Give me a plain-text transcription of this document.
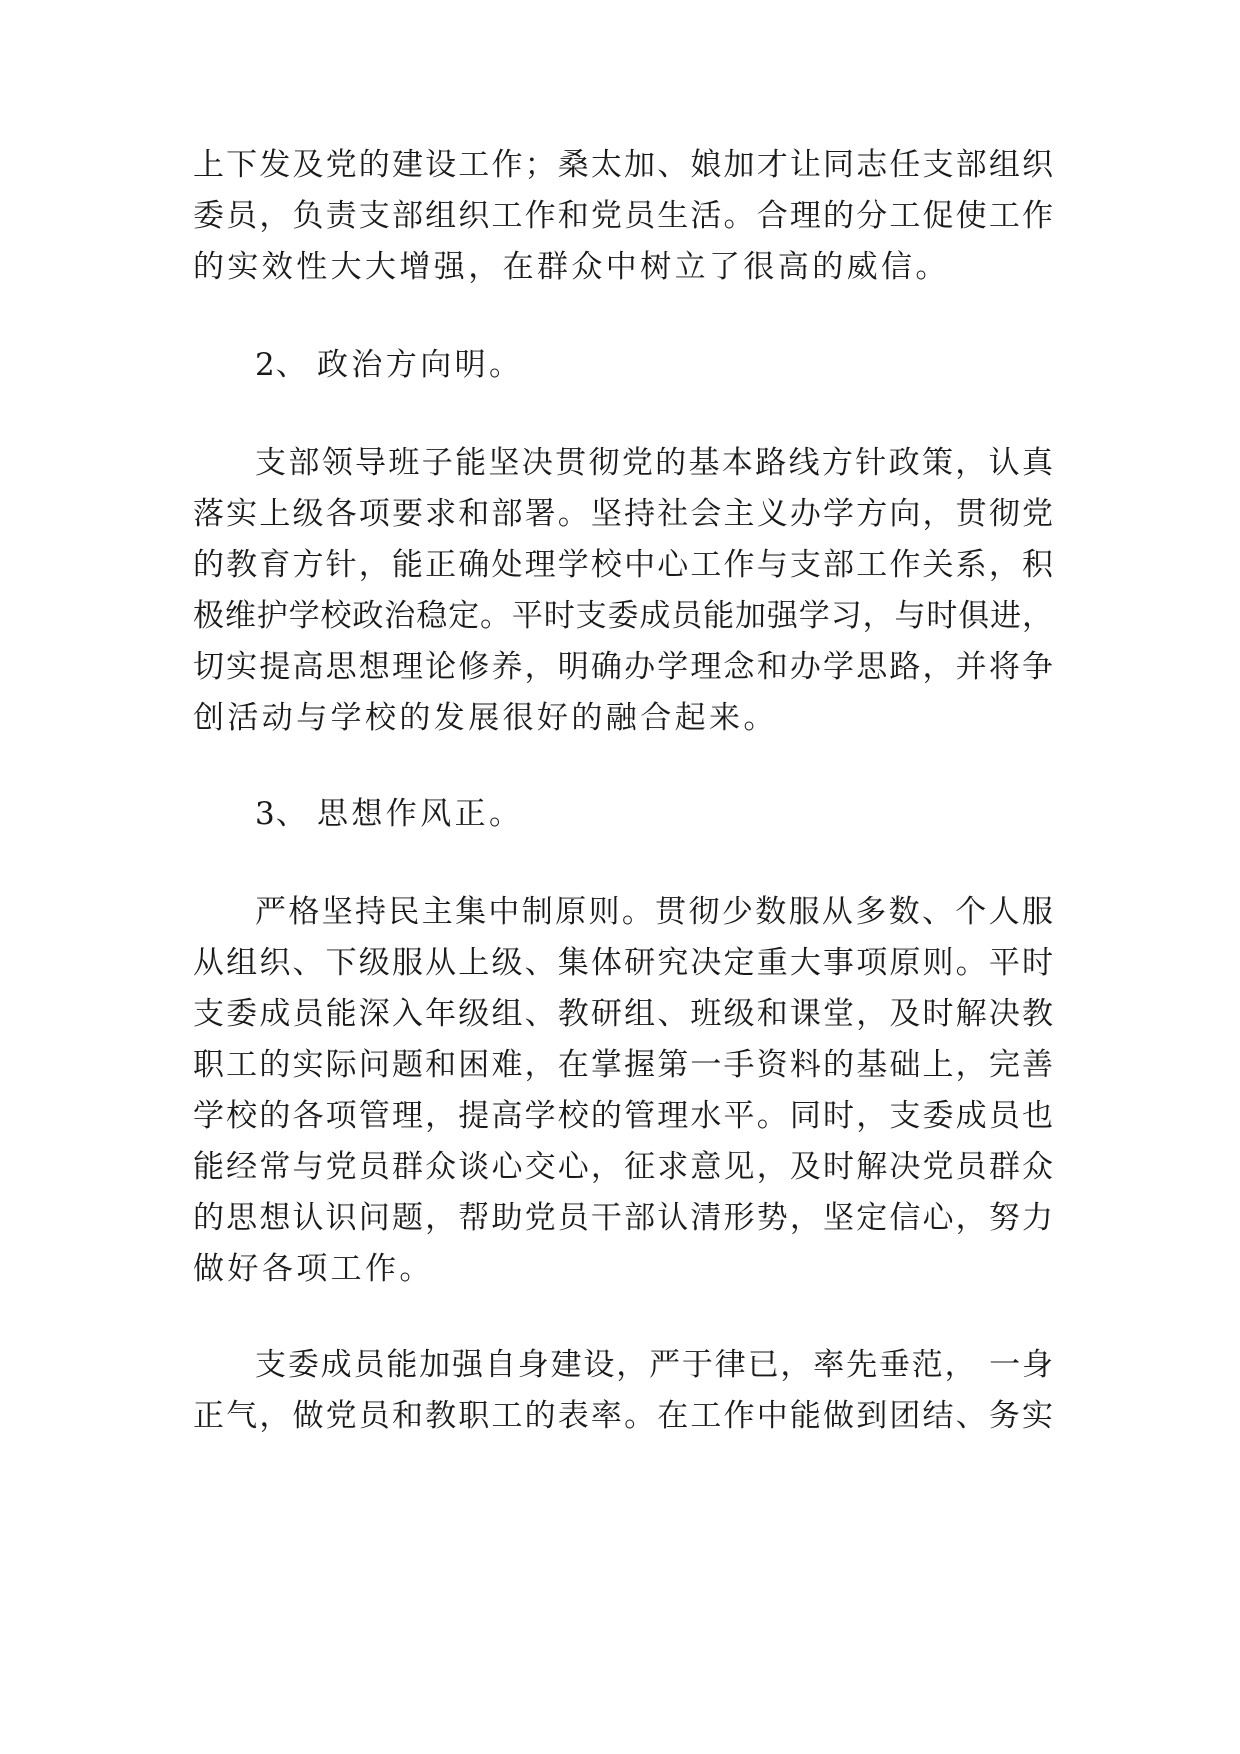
上下发及党的建设工作；桑太加、娘加才让同志任支部组织
委员，负责支部组织工作和党员生活。合理的分工促使工作
的实效性大大增强，在群众中树立了很高的威信。
2、 政治方向明。
支部领导班子能坚决贯彻党的基本路线方针政策，认真
落实上级各项要求和部署。坚持社会主义办学方向，贯彻党
的教育方针，能正确处理学校中心工作与支部工作关系，积
极维护学校政治稳定。平时支委成员能加强学习，与时俱进，
切实提高思想理论修养，明确办学理念和办学思路，并将争
创活动与学校的发展很好的融合起来。
3、 思想作风正。
严格坚持民主集中制原则。贯彻少数服从多数、个人服
从组织、下级服从上级、集体研究决定重大事项原则。平时
支委成员能深入年级组、教研组、班级和课堂，及时解决教
职工的实际问题和困难，在掌握第一手资料的基础上，完善
学校的各项管理，提高学校的管理水平。同时，支委成员也
能经常与党员群众谈心交心，征求意见，及时解决党员群众
的思想认识问题，帮助党员干部认清形势，坚定信心，努力
做好各项工作。
支委成员能加强自身建设，严于律已，率先垂范， 一身
正气，做党员和教职工的表率。在工作中能做到团结、务实
